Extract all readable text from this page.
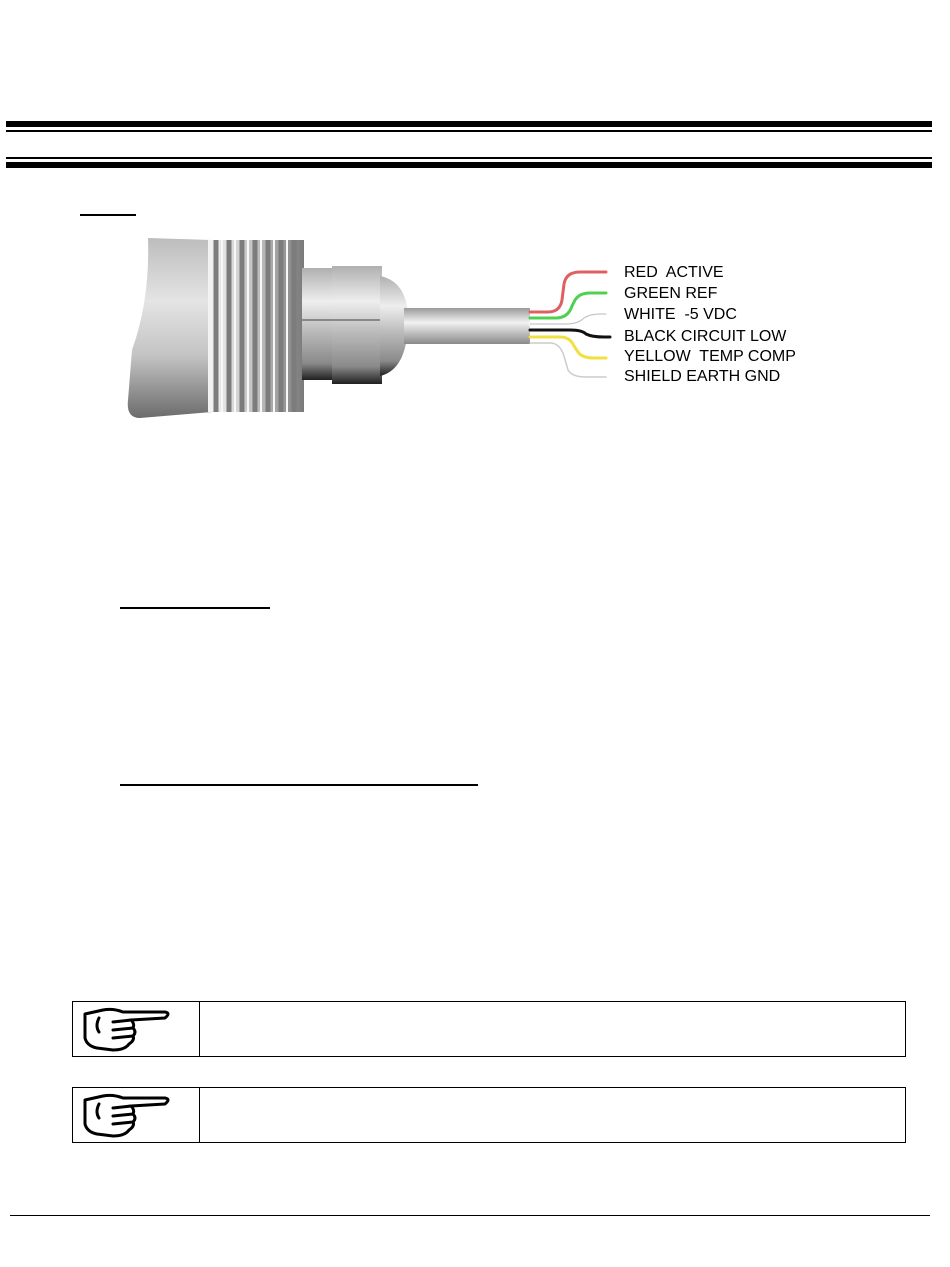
RED  ACTIVE
GREEN REF
WHITE  -5 VDC
BLACK CIRCUIT LOW
YELLOW  TEMP COMP
SHIELD EARTH GND
